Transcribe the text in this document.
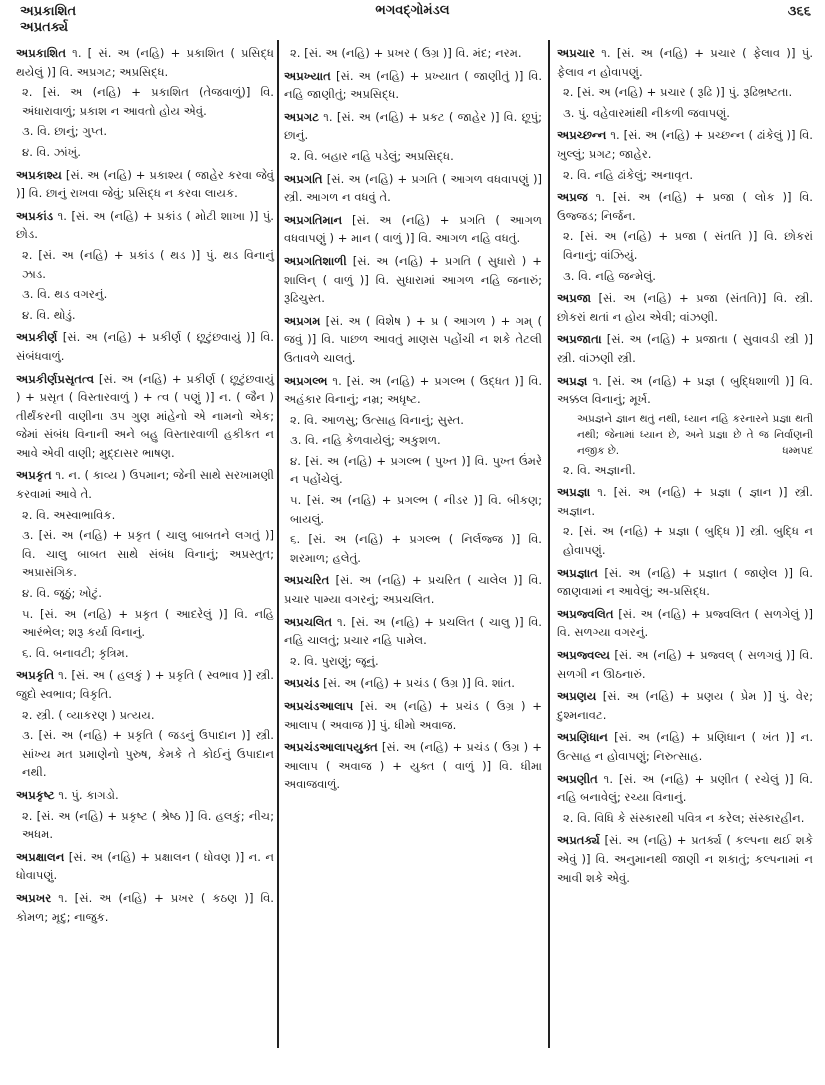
અપ્રકાશિત
અપ્રતર્ક્ય
ભગવદ્ગોમંડલ	૩૬૬
અપ્રકાશિત ૧. [ સં. અ (નહિ) + પ્રકાશિત ( પ્રસિદ્ધ થયેલું )] વિ. અપ્રગટ; અપ્રસિદ્ધ.
૨. [સં. અ (નહિ) + પ્રકાશિત (તેજવાળું)] વિ. અંધારાવાળું; પ્રકાશ ન આવતો હોય એવું.
૩. વિ. છાનું; ગુપ્ત.
૪. વિ. ઝાંખું.
અપ્રકાશ્ય [સં. અ (નહિ) + પ્રકાશ્ય ( જાહેર કરવા જેવું )] વિ. છાનું રાખવા જેવું; પ્રસિદ્ધ ન કરવા લાયક.
અપ્રકાંડ ૧. [સં. અ (નહિ) + પ્રકાંડ ( મોટી શાખા )] પું. છોડ.
૨. [સં. અ (નહિ) + પ્રકાંડ ( થડ )] પું. થડ વિનાનું ઝાડ.
૩. વિ. થડ વગરનું.
૪. વિ. થોડું.
અપ્રકીર્ણ [સં. અ (નહિ) + પ્રકીર્ણ ( છૂટુંછવાયું )] વિ. સંબંધવાળું.
અપ્રકીર્ણપ્રસૃતત્વ [સં. અ (નહિ) + પ્રકીર્ણ ( છૂટુંછવાયું ) + પ્રસૃત ( વિસ્તારવાળું ) + ત્વ ( પણું )] ન. ( જૈન ) તીર્થંકરની વાણીના ૩૫ ગુણ માંહેનો એ નામનો એક; જેમાં સંબંધ વિનાની અને બહુ વિસ્તારવાળી હકીકત ન આવે એવી વાણી; મુદ્દાસર ભાષણ.
અપ્રકૃત ૧. ન. ( કાવ્ય ) ઉપમાન; જેની સાથે સરખામણી કરવામાં આવે તે.
૨. વિ. અસ્વાભાવિક.
૩. [સં. અ (નહિ) + પ્રકૃત ( ચાલુ બાબતને લગતું )] વિ. ચાલુ બાબત સાથે સંબંધ વિનાનું; અપ્રસ્તુત; અપ્રાસંગિક.
૪. વિ. જૂઠું; ખોટું.
૫. [સં. અ (નહિ) + પ્રકૃત ( આદરેલું )] વિ. નહિ આરંભેલ; શરૂ કર્યા વિનાનું.
૬. વિ. બનાવટી; કૃત્રિમ.
અપ્રકૃતિ ૧. [સં. અ ( હલકું ) + પ્રકૃતિ ( સ્વભાવ )] સ્ત્રી. જુદો સ્વભાવ; વિકૃતિ.
૨. સ્ત્રી. ( વ્યાકરણ ) પ્રત્યય.
૩. [સં. અ (નહિ) + પ્રકૃતિ ( જડનું ઉપાદાન )] સ્ત્રી. સાંખ્ય મત પ્રમાણેનો પુરુષ, કેમકે તે કોઈનું ઉપાદાન નથી.
અપ્રકૃષ્ટ ૧. પું. કાગડો.
૨. [સં. અ (નહિ) + પ્રકૃષ્ટ ( શ્રેષ્ઠ )] વિ. હલકું; નીચ; અધમ.
અપ્રક્ષાલન [સં. અ (નહિ) + પ્રક્ષાલન ( ધોવણ )] ન. ન ધોવાપણું.
અપ્રખર ૧. [સં. અ (નહિ) + પ્રખર ( કઠણ )] વિ. કોમળ; મૃદુ; નાજુક.
૨. [સં. અ (નહિ) + પ્રખર ( ઉગ્ર )] વિ. મંદ; નરમ.
અપ્રખ્યાત [સં. અ (નહિ) + પ્રખ્યાત ( જાણીતું )] વિ. નહિ જાણીતું; અપ્રસિદ્ધ.
અપ્રગટ ૧. [સં. અ (નહિ) + પ્રકટ ( જાહેર )] વિ. છૂપું; છાનું.
૨. વિ. બહાર નહિ પડેલું; અપ્રસિદ્ધ.
અપ્રગતિ [સં. અ (નહિ) + પ્રગતિ ( આગળ વધવાપણું )] સ્ત્રી. આગળ ન વધવું તે.
અપ્રગતિમાન [સં. અ (નહિ) + પ્રગતિ ( આગળ વધવાપણું ) + માન ( વાળું )] વિ. આગળ નહિ વધતું.
અપ્રગતિશાળી [સં. અ (નહિ) + પ્રગતિ ( સુધારો ) + શાલિન્ ( વાળું )] વિ. સુધારામાં આગળ નહિ જનારું; રૂઢિચુસ્ત.
અપ્રગમ [સં. અ ( વિશેષ ) + પ્ર ( આગળ ) + ગમ્ ( જવું )] વિ. પાછળ આવતું માણસ પહોંચી ન શકે તેટલી ઉતાવળે ચાલતું.
અપ્રગલ્ભ ૧. [સં. અ (નહિ) + પ્રગલ્ભ ( ઉદ્ધત )] વિ. અહંકાર વિનાનું; નમ્ર; અધૃષ્ટ.
૨. વિ. આળસુ; ઉત્સાહ વિનાનું; સુસ્ત.
૩. વિ. નહિ કેળવાયેલું; અકુશળ.
૪. [સં. અ (નહિ) + પ્રગલ્ભ ( પુખ્ત )] વિ. પુખ્ત ઉંમરે ન પહોંચેલું.
૫. [સં. અ (નહિ) + પ્રગલ્ભ ( નીડર )] વિ. બીકણ; બાયલું.
૬. [સં. અ (નહિ) + પ્રગલ્ભ ( નિર્લજ્જ )] વિ. શરમાળ; હલેતું.
અપ્રચરિત [સં. અ (નહિ) + પ્રચરિત ( ચાલેલ )] વિ. પ્રચાર પામ્યા વગરનું; અપ્રચલિત.
અપ્રચલિત ૧. [સં. અ (નહિ) + પ્રચલિત ( ચાલુ )] વિ. નહિ ચાલતું; પ્રચાર નહિ પામેલ.
૨. વિ. પુરાણું; જૂનું.
અપ્રચંડ [સં. અ (નહિ) + પ્રચંડ ( ઉગ્ર )] વિ. શાંત.
અપ્રચંડઆલાપ [સં. અ (નહિ) + પ્રચંડ ( ઉગ્ર ) + આલાપ ( અવાજ )] પું. ધીમો અવાજ.
અપ્રચંડઆલાપયુક્ત [સં. અ (નહિ) + પ્રચંડ ( ઉગ્ર ) + આલાપ ( અવાજ ) + યુક્ત ( વાળું )] વિ. ધીમા અવાજવાળું.
અપ્રચાર ૧. [સં. અ (નહિ) + પ્રચાર ( ફેલાવ )] પું. ફેલાવ ન હોવાપણું.
૨. [સં. અ (નહિ) + પ્રચાર ( રૂઢિ )] પું. રૂઢિભ્રષ્ટતા.
૩. પું. વહેવારમાંથી નીકળી જવાપણું.
અપ્રચ્છન્ન ૧. [સં. અ (નહિ) + પ્રચ્છન્ન ( ઢાંકેલું )] વિ. ખુલ્લું; પ્રગટ; જાહેર.
૨. વિ. નહિ ઢાંકેલું; અનાવૃત.
અપ્રજ ૧. [સં. અ (નહિ) + પ્રજા ( લોક )] વિ. ઉજ્જડ; નિર્જન.
૨. [સં. અ (નહિ) + પ્રજા ( સંતતિ )] વિ. છોકરાં વિનાનું; વાંઝિયું.
૩. વિ. નહિ જન્મેલું.
અપ્રજા [સં. અ (નહિ) + પ્રજા (સંતતિ)] વિ. સ્ત્રી. છોકરાં થતાં ન હોય એવી; વાંઝણી.
અપ્રજાતા [સં. અ (નહિ) + પ્રજાતા ( સુવાવડી સ્ત્રી )] સ્ત્રી. વાંઝણી સ્ત્રી.
અપ્રજ્ઞ ૧. [સં. અ (નહિ) + પ્રજ્ઞ ( બુદ્ધિશાળી )] વિ. અક્કલ વિનાનું; મૂર્ખ.
અપ્રજ્ઞને જ્ઞાન થતું નથી, ધ્યાન નહિ કરનારને પ્રજ્ઞા થતી નથી; જેનામાં ધ્યાન છે, અને પ્રજ્ઞા છે તે જ નિર્વાણની નજીક છે.	ધમ્મપદ
૨. વિ. અજ્ઞાની.
અપ્રજ્ઞા ૧. [સં. અ (નહિ) + પ્રજ્ઞા ( જ્ઞાન )] સ્ત્રી. અજ્ઞાન.
૨. [સં. અ (નહિ) + પ્રજ્ઞા ( બુદ્ધિ )] સ્ત્રી. બુદ્ધિ ન હોવાપણું.
અપ્રજ્ઞાત [સં. અ (નહિ) + પ્રજ્ઞાત ( જાણેલ )] વિ. જાણવામાં ન આવેલું; અ-પ્રસિદ્ધ.
અપ્રજ્વલિત [સં. અ (નહિ) + પ્રજ્વલિત ( સળગેલું )] વિ. સળગ્યા વગરનું.
અપ્રજ્વલ્ય [સં. અ (નહિ) + પ્રજ્વલ્ ( સળગવું )] વિ. સળગી ન ઊઠનારું.
અપ્રણય [સં. અ (નહિ) + પ્રણય ( પ્રેમ )] પું. વેર; દુશ્મનાવટ.
અપ્રણિધાન [સં. અ (નહિ) + પ્રણિધાન ( ખંત )] ન. ઉત્સાહ ન હોવાપણું; નિરુત્સાહ.
અપ્રણીત ૧. [સં. અ (નહિ) + પ્રણીત ( રચેલું )] વિ. નહિ બનાવેલું; રચ્યા વિનાનું.
૨. વિ. વિધિ કે સંસ્કારથી પવિત્ર ન કરેલ; સંસ્કારહીન.
અપ્રતર્ક્ય [સં. અ (નહિ) + પ્રતર્ક્ય ( કલ્પના થઈ શકે એવું )] વિ. અનુમાનથી જાણી ન શકાતું; કલ્પનામાં ન આવી શકે એવું.
